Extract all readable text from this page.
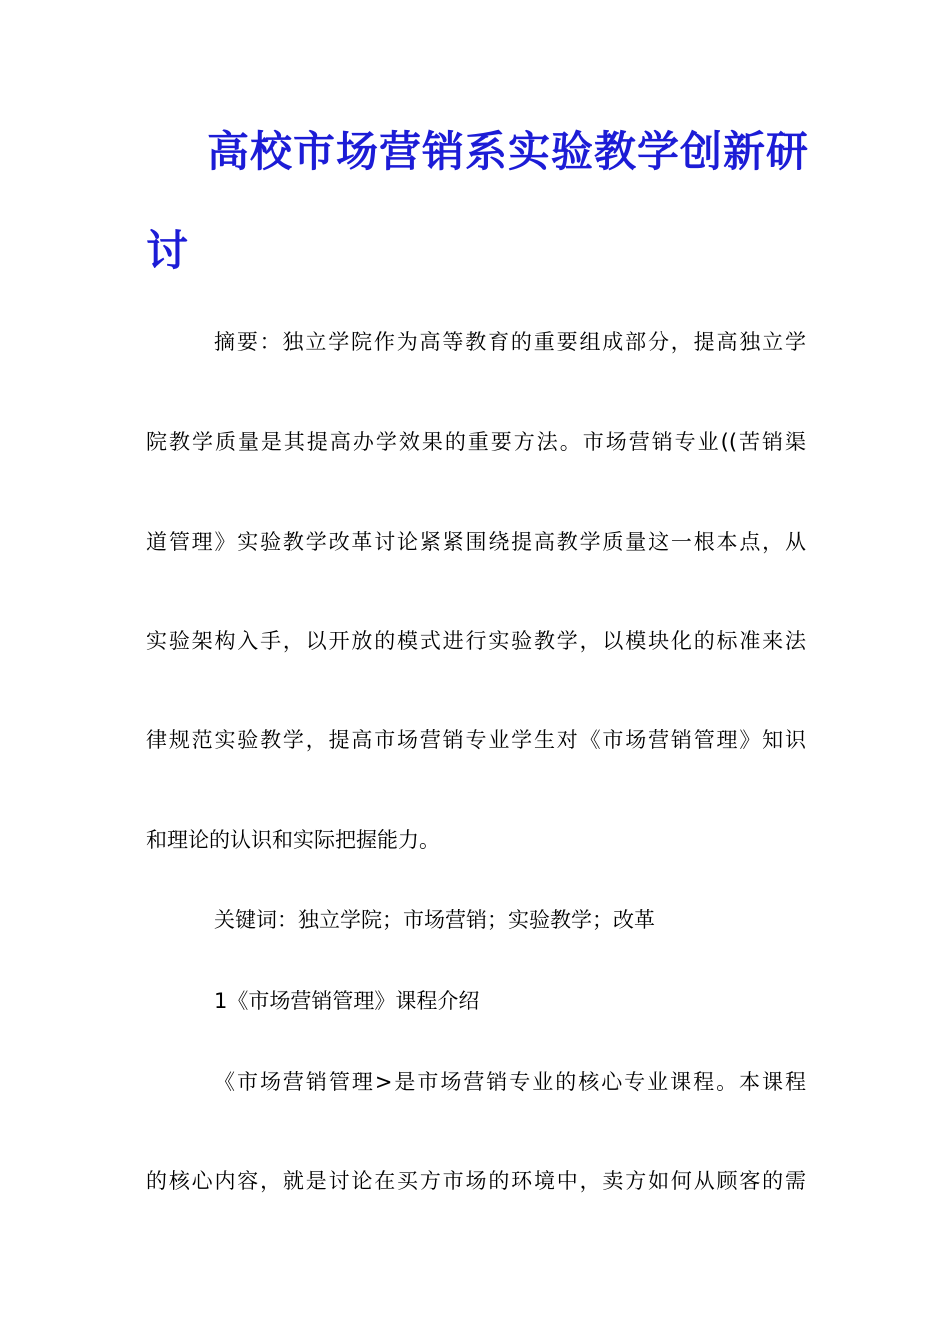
高校市场营销系实验教学创新研
讨
摘要：独立学院作为高等教育的重要组成部分，提高独立学
院教学质量是其提高办学效果的重要方法。市场营销专业((苦销渠
道管理》实验教学改革讨论紧紧围绕提高教学质量这一根本点，从
实验架构入手，以开放的模式进行实验教学，以模块化的标准来法
律规范实验教学，提高市场营销专业学生对《市场营销管理》知识
和理论的认识和实际把握能力。
关键词：独立学院；市场营销；实验教学；改革
1《市场营销管理》课程介绍
《市场营销管理>是市场营销专业的核心专业课程。本课程
的核心内容，就是讨论在买方市场的环境中，卖方如何从顾客的需
